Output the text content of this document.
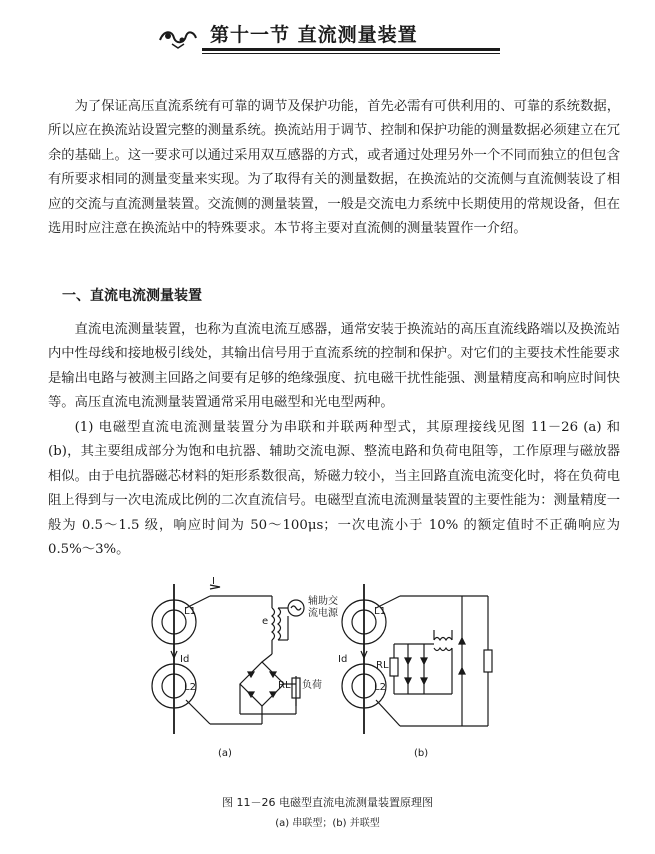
第十一节 直流测量装置

为了保证高压直流系统有可靠的调节及保护功能，首先必需有可供利用的、可靠的系统数据，所以应在换流站设置完整的测量系统。换流站用于调节、控制和保护功能的测量数据必须建立在冗余的基础上。这一要求可以通过采用双互感器的方式，或者通过处理另外一个不同而独立的但包含有所要求相同的测量变量来实现。为了取得有关的测量数据，在换流站的交流侧与直流侧装设了相应的交流与直流测量装置。交流侧的测量装置，一般是交流电力系统中长期使用的常规设备，但在选用时应注意在换流站中的特殊要求。本节将主要对直流侧的测量装置作一介绍。

一、直流电流测量装置

直流电流测量装置，也称为直流电流互感器，通常安装于换流站的高压直流线路端以及换流站内中性母线和接地极引线处，其输出信号用于直流系统的控制和保护。对它们的主要技术性能要求是输出电路与被测主回路之间要有足够的绝缘强度、抗电磁干扰性能强、测量精度高和响应时间快等。高压直流电流测量装置通常采用电磁型和光电型两种。

(1) 电磁型直流电流测量装置分为串联和并联两种型式，其原理接线见图 11－26 (a) 和 (b)，其主要组成部分为饱和电抗器、辅助交流电源、整流电路和负荷电阻等，工作原理与磁放器相似。由于电抗器磁芯材料的矩形系数很高，矫磁力较小，当主回路直流电流变化时，将在负荷电阻上得到与一次电流成比例的二次直流信号。电磁型直流电流测量装置的主要性能为：测量精度一般为 0.5～1.5 级，响应时间为 50～100μs；一次电流小于 10% 的额定值时不正确响应为 0.5%～3%。

I
L1
L2
Id
e
RL 负荷
辅助交
流电源	L1
L2
Id
RL
(a)	(b)
图 11－26 电磁型直流电流测量装置原理图
(a) 串联型；(b) 并联型
